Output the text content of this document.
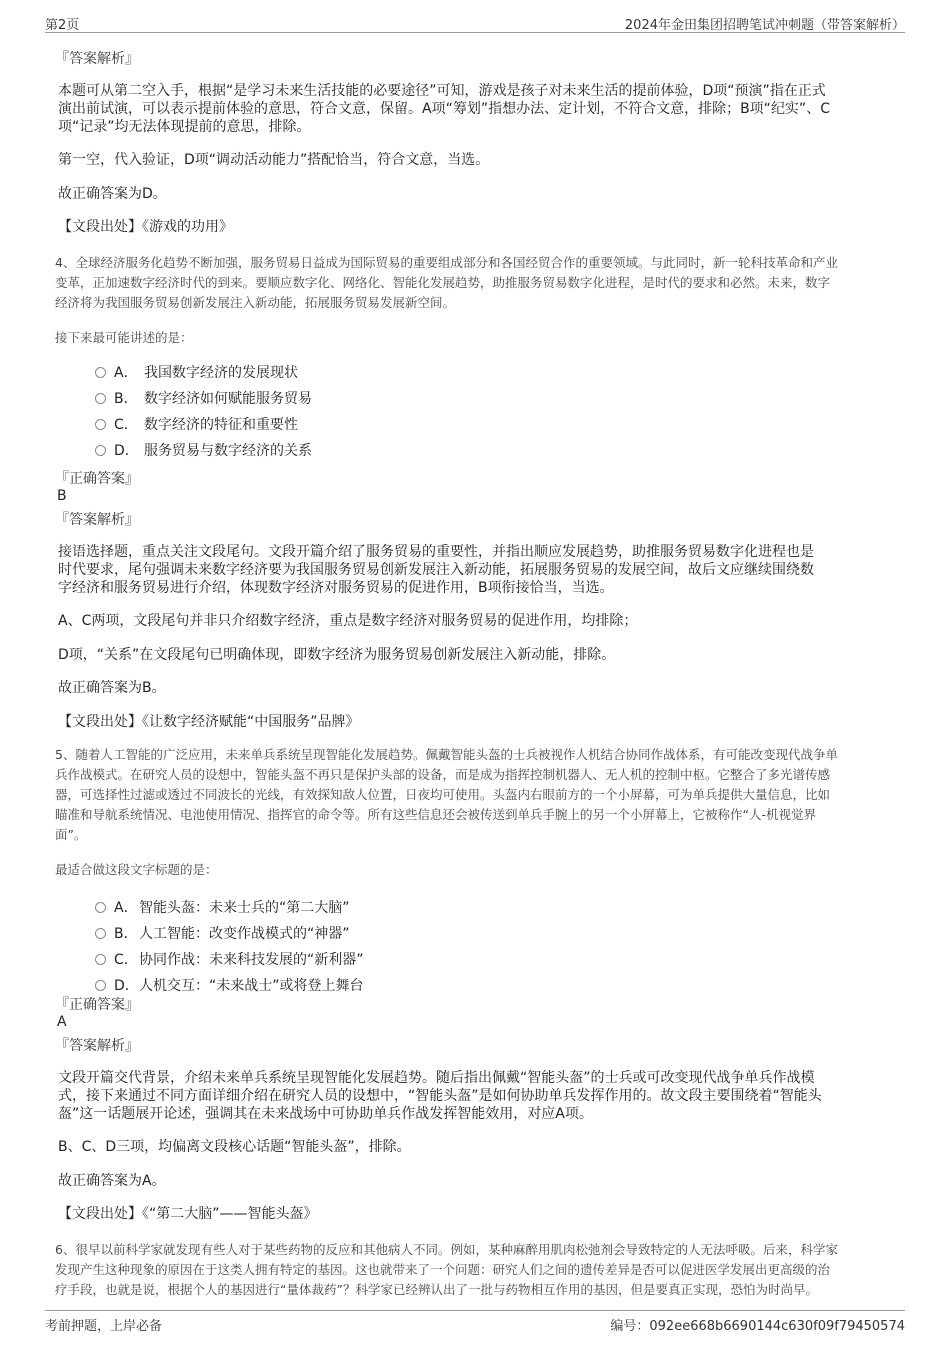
第2页	2024年金田集团招聘笔试冲刺题（带答案解析）
『答案解析』
本题可从第二空入手，根据“是学习未来生活技能的必要途径”可知，游戏是孩子对未来生活的提前体验，D项“预演”指在正式
演出前试演，可以表示提前体验的意思，符合文意，保留。A项“筹划”指想办法、定计划，不符合文意，排除；B项“纪实”、C
项“记录”均无法体现提前的意思，排除。
第一空，代入验证，D项“调动活动能力”搭配恰当，符合文意，当选。
故正确答案为D。
【文段出处】《游戏的功用》
4、全球经济服务化趋势不断加强，服务贸易日益成为国际贸易的重要组成部分和各国经贸合作的重要领域。与此同时，新一轮科技革命和产业
变革，正加速数字经济时代的到来。要顺应数字化、网络化、智能化发展趋势，助推服务贸易数字化进程，是时代的要求和必然。未来，数字
经济将为我国服务贸易创新发展注入新动能，拓展服务贸易发展新空间。
接下来最可能讲述的是：
A． 我国数字经济的发展现状
B． 数字经济如何赋能服务贸易
C． 数字经济的特征和重要性
D． 服务贸易与数字经济的关系
『正确答案』
B
『答案解析』
接语选择题，重点关注文段尾句。文段开篇介绍了服务贸易的重要性，并指出顺应发展趋势，助推服务贸易数字化进程也是
时代要求，尾句强调未来数字经济要为我国服务贸易创新发展注入新动能，拓展服务贸易的发展空间，故后文应继续围绕数
字经济和服务贸易进行介绍，体现数字经济对服务贸易的促进作用，B项衔接恰当，当选。
A、C两项，文段尾句并非只介绍数字经济，重点是数字经济对服务贸易的促进作用，均排除；
D项，“关系”在文段尾句已明确体现，即数字经济为服务贸易创新发展注入新动能，排除。
故正确答案为B。
【文段出处】《让数字经济赋能“中国服务”品牌》
5、随着人工智能的广泛应用，未来单兵系统呈现智能化发展趋势。佩戴智能头盔的士兵被视作人机结合协同作战体系，有可能改变现代战争单
兵作战模式。在研究人员的设想中，智能头盔不再只是保护头部的设备，而是成为指挥控制机器人、无人机的控制中枢。它整合了多光谱传感
器，可选择性过滤或透过不同波长的光线，有效探知敌人位置，日夜均可使用。头盔内右眼前方的一个小屏幕，可为单兵提供大量信息，比如
瞄准和导航系统情况、电池使用情况、指挥官的命令等。所有这些信息还会被传送到单兵手腕上的另一个小屏幕上，它被称作“人-机视觉界
面”。
最适合做这段文字标题的是：
A．智能头盔：未来士兵的“第二大脑”
B．人工智能：改变作战模式的“神器”
C．协同作战：未来科技发展的“新利器”
D．人机交互：“未来战士”或将登上舞台
『正确答案』
A
『答案解析』
文段开篇交代背景，介绍未来单兵系统呈现智能化发展趋势。随后指出佩戴“智能头盔”的士兵或可改变现代战争单兵作战模
式，接下来通过不同方面详细介绍在研究人员的设想中，“智能头盔”是如何协助单兵发挥作用的。故文段主要围绕着“智能头
盔”这一话题展开论述，强调其在未来战场中可协助单兵作战发挥智能效用，对应A项。
B、C、D三项，均偏离文段核心话题“智能头盔”，排除。
故正确答案为A。
【文段出处】《“第二大脑”——智能头盔》
6、很早以前科学家就发现有些人对于某些药物的反应和其他病人不同。例如，某种麻醉用肌肉松弛剂会导致特定的人无法呼吸。后来，科学家
发现产生这种现象的原因在于这类人拥有特定的基因。这也就带来了一个问题：研究人们之间的遗传差异是否可以促进医学发展出更高级的治
疗手段，也就是说，根据个人的基因进行“量体裁药”？科学家已经辨认出了一批与药物相互作用的基因，但是要真正实现，恐怕为时尚早。
考前押题，上岸必备	编号：092ee668b6690144c630f09f79450574
